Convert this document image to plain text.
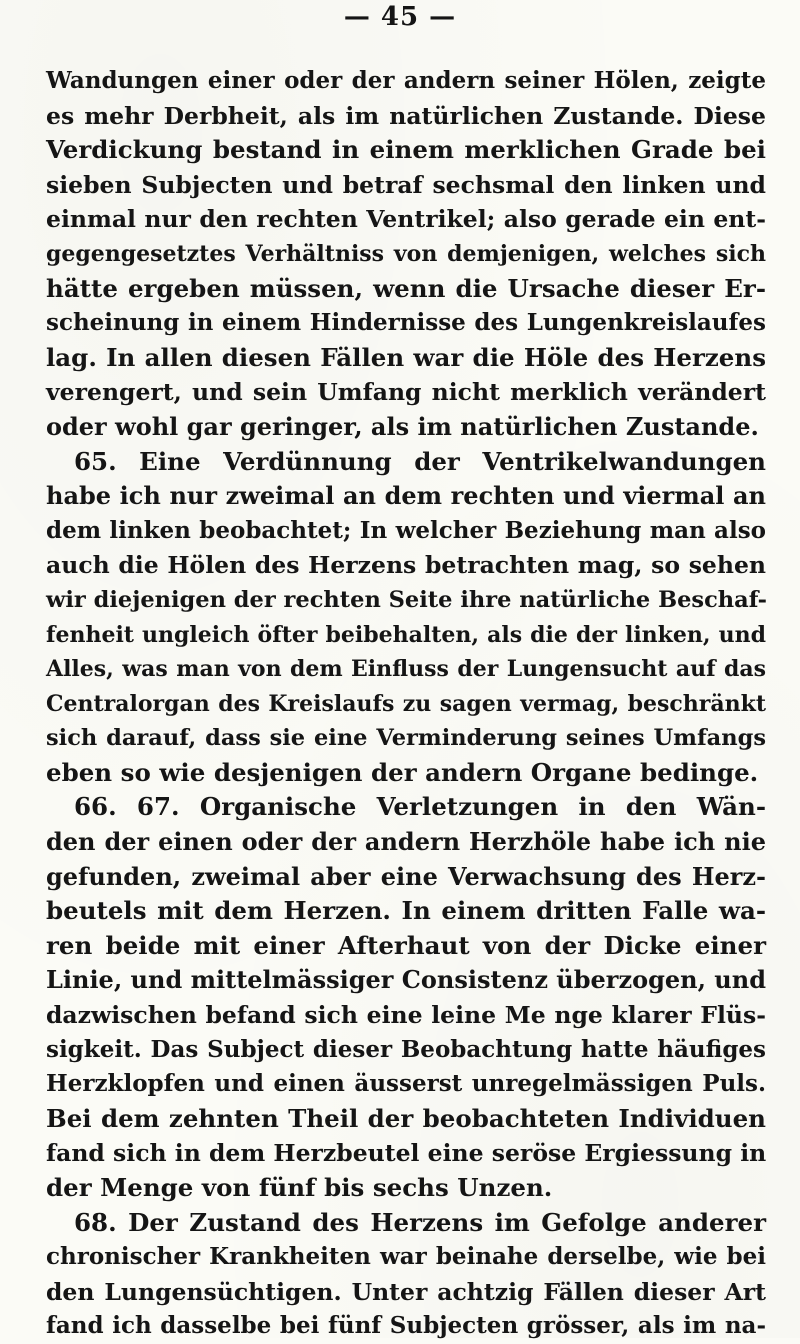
— 45 —
Wandungen einer oder der andern seiner Hölen, zeigte
es mehr Derbheit, als im natürlichen Zustande. Diese
Verdickung bestand in einem merklichen Grade bei
sieben Subjecten und betraf sechsmal den linken und
einmal nur den rechten Ventrikel; also gerade ein ent-
gegengesetztes Verhältniss von demjenigen, welches sich
hätte ergeben müssen, wenn die Ursache dieser Er-
scheinung in einem Hindernisse des Lungenkreislaufes
lag. In allen diesen Fällen war die Höle des Herzens
verengert, und sein Umfang nicht merklich verändert
oder wohl gar geringer, als im natürlichen Zustande.
65. Eine Verdünnung der Ventrikelwandungen
habe ich nur zweimal an dem rechten und viermal an
dem linken beobachtet; In welcher Beziehung man also
auch die Hölen des Herzens betrachten mag, so sehen
wir diejenigen der rechten Seite ihre natürliche Beschaf-
fenheit ungleich öfter beibehalten, als die der linken, und
Alles, was man von dem Einfluss der Lungensucht auf das
Centralorgan des Kreislaufs zu sagen vermag, beschränkt
sich darauf, dass sie eine Verminderung seines Umfangs
eben so wie desjenigen der andern Organe bedinge.
66. 67. Organische Verletzungen in den Wän-
den der einen oder der andern Herzhöle habe ich nie
gefunden, zweimal aber eine Verwachsung des Herz-
beutels mit dem Herzen. In einem dritten Falle wa-
ren beide mit einer Afterhaut von der Dicke einer
Linie, und mittelmässiger Consistenz überzogen, und
dazwischen befand sich eine leine Me nge klarer Flüs-
sigkeit. Das Subject dieser Beobachtung hatte häufiges
Herzklopfen und einen äusserst unregelmässigen Puls.
Bei dem zehnten Theil der beobachteten Individuen
fand sich in dem Herzbeutel eine seröse Ergiessung in
der Menge von fünf bis sechs Unzen.
68. Der Zustand des Herzens im Gefolge anderer
chronischer Krankheiten war beinahe derselbe, wie bei
den Lungensüchtigen. Unter achtzig Fällen dieser Art
fand ich dasselbe bei fünf Subjecten grösser, als im na-
